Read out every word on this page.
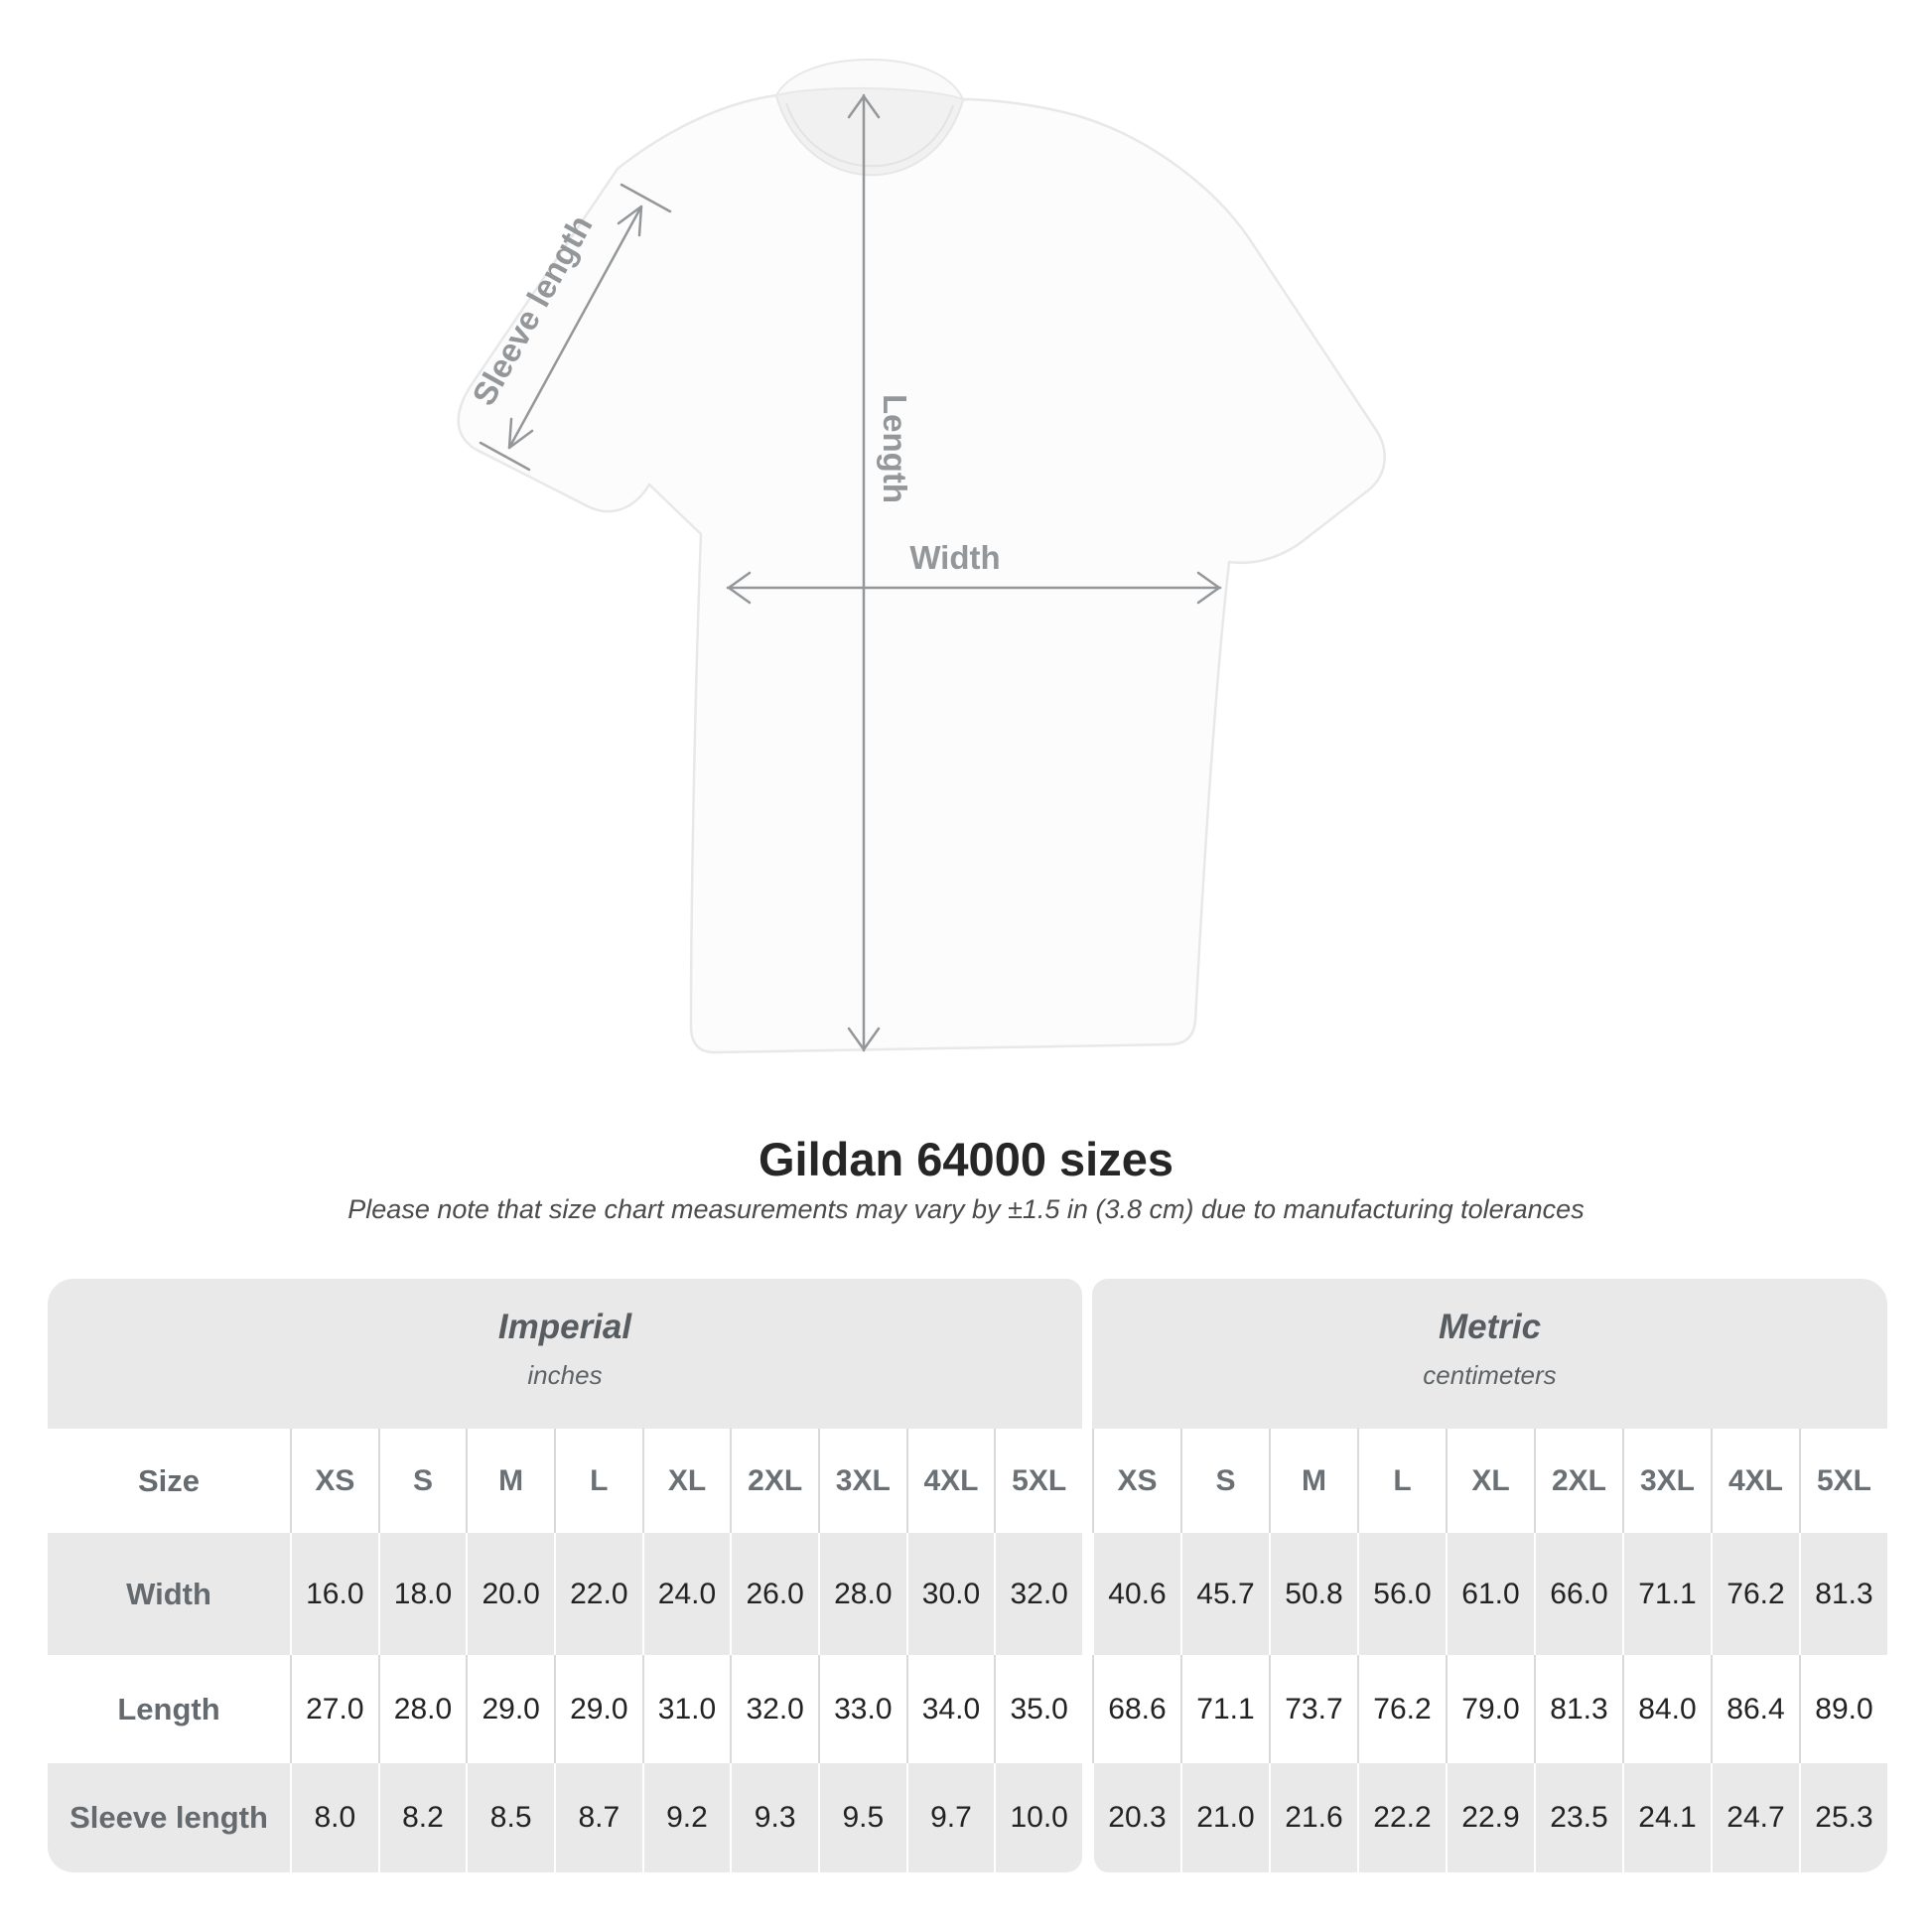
Sleeve length
Length
Width
Gildan 64000 sizes

Please note that size chart measurements may vary by ±1.5 in (3.8 cm) due to manufacturing tolerances

Imperial
inches
Size	XS	S	M	L	XL	2XL	3XL	4XL	5XL
Width	16.0	18.0	20.0	22.0	24.0	26.0	28.0	30.0	32.0
Length	27.0	28.0	29.0	29.0	31.0	32.0	33.0	34.0	35.0
Sleeve length	8.0	8.2	8.5	8.7	9.2	9.3	9.5	9.7	10.0
Metric
centimeters
XS	S	M	L	XL	2XL	3XL	4XL	5XL
40.6	45.7	50.8	56.0	61.0	66.0	71.1	76.2	81.3
68.6	71.1	73.7	76.2	79.0	81.3	84.0	86.4	89.0
20.3	21.0	21.6	22.2	22.9	23.5	24.1	24.7	25.3
